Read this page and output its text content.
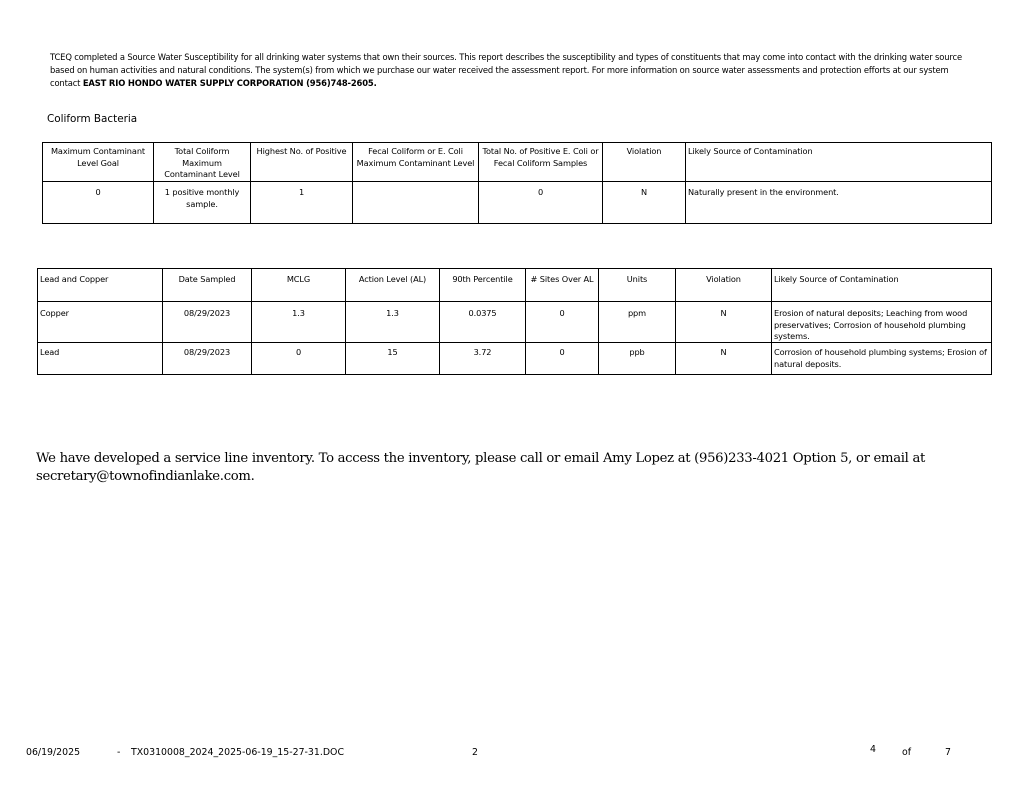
TCEQ completed a Source Water Susceptibility for all drinking water systems that own their sources. This report describes the susceptibility and types of constituents that may come into contact with the drinking water source based on human activities and natural conditions. The system(s) from which we purchase our water received the assessment report. For more information on source water assessments and protection efforts at our system contact EAST RIO HONDO WATER SUPPLY CORPORATION (956)748-2605.
Coliform Bacteria
Maximum Contaminant Level Goal	Total Coliform Maximum Contaminant Level	Highest No. of Positive	Fecal Coliform or E. Coli Maximum Contaminant Level	Total No. of Positive E. Coli or Fecal Coliform Samples	Violation	Likely Source of Contamination
0	1 positive monthly sample.	1		0	N	Naturally present in the environment.
Lead and Copper	Date Sampled	MCLG	Action Level (AL)	90th Percentile	# Sites Over AL	Units	Violation	Likely Source of Contamination
Copper	08/29/2023	1.3	1.3	0.0375	0	ppm	N	Erosion of natural deposits; Leaching from wood preservatives; Corrosion of household plumbing systems.

Lead	08/29/2023	0	15	3.72	0	ppb	N	Corrosion of household plumbing systems; Erosion of natural deposits.
We have developed a service line inventory. To access the inventory, please call or email Amy Lopez at (956)233-4021 Option 5, or email at secretary@townofindianlake.com.
06/19/2025	- TX0310008_2024_2025-06-19_15-27-31.DOC	2	4	of	7
